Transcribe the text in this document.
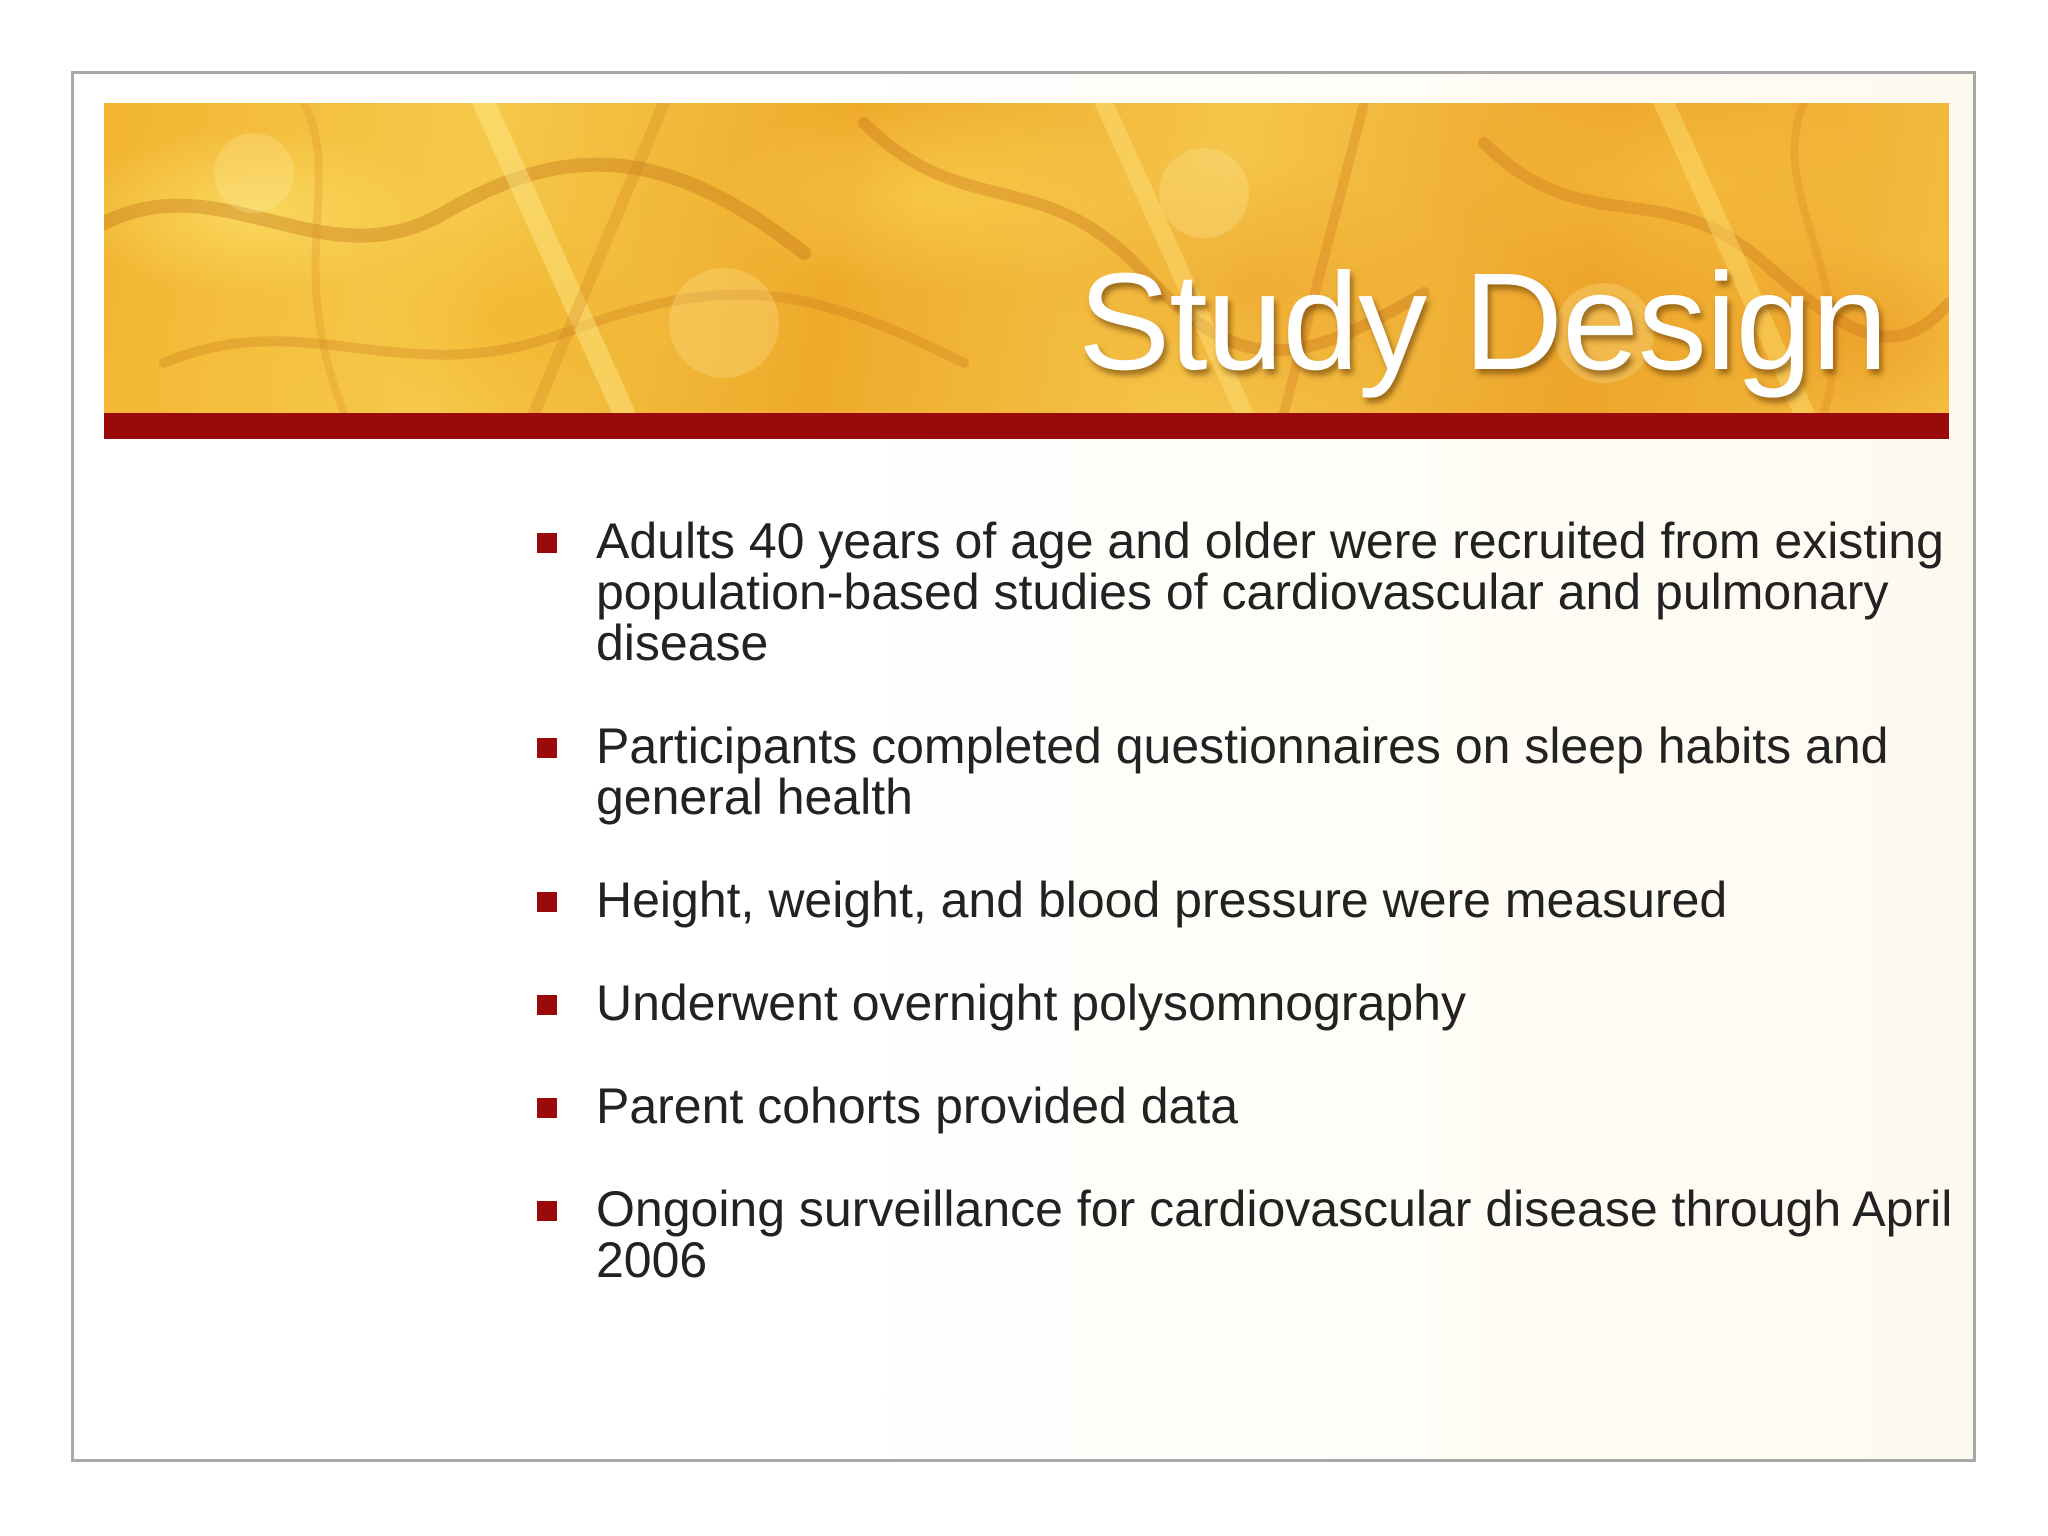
Study Design
Adults 40 years of age and older were recruited from existing population-based studies of cardiovascular and pulmonary disease
Participants completed questionnaires on sleep habits and general health
Height, weight, and blood pressure were measured
Underwent overnight polysomnography
Parent cohorts provided data
Ongoing surveillance for cardiovascular disease through April 2006
